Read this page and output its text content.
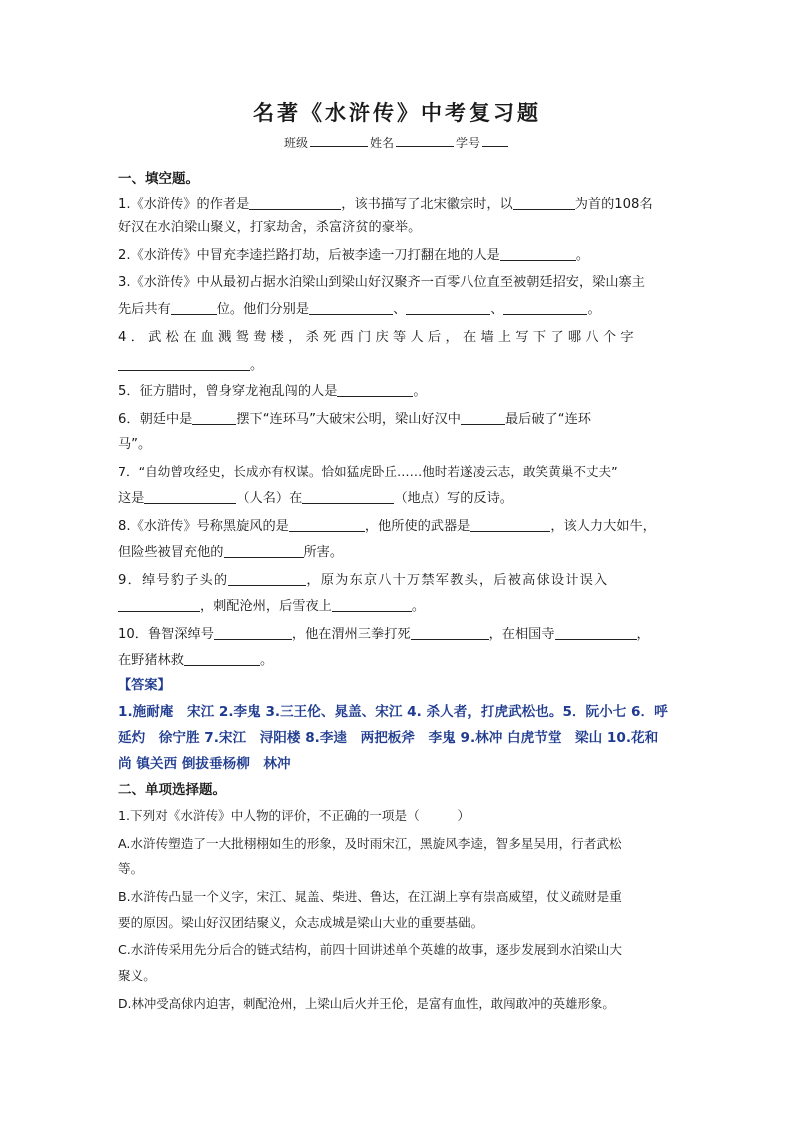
名著《水浒传》中考复习题
班级	姓名	学号
一、填空题。
1.《水浒传》的作者是	，该书描写了北宋徽宗时，以	为首的108名
好汉在水泊梁山聚义，打家劫舍，杀富济贫的豪举。
2.《水浒传》中冒充李逵拦路打劫，后被李逵一刀打翻在地的人是	。
3.《水浒传》中从最初占据水泊梁山到梁山好汉聚齐一百零八位直至被朝廷招安，梁山寨主
先后共有	位。他们分别是	、	、	。
4．武松在血溅鸳鸯楼，杀死西门庆等人后，在墙上写下了哪八个字
。
5．征方腊时，曾身穿龙袍乱闯的人是	。
6．朝廷中是	摆下“连环马”大破宋公明，梁山好汉中	最后破了“连环
马”。
7．“自幼曾攻经史，长成亦有权谋。恰如猛虎卧丘……他时若遂凌云志，敢笑黄巢不丈夫”
这是	（人名）在	（地点）写的反诗。
8.《水浒传》号称黑旋风的是	，他所使的武器是	，该人力大如牛，
但险些被冒充他的	所害。
9．绰号豹子头的	，原为东京八十万禁军教头，后被高俅设计误入
，刺配沧州，后雪夜上	。
10．鲁智深绰号	，他在渭州三拳打死	，在相国寺	，
在野猪林救	。
【答案】
1.施耐庵　宋江 2.李鬼 3.三王伦、晁盖、宋江 4. 杀人者，打虎武松也。5．阮小七 6．呼
延灼　徐宁胜 7.宋江　浔阳楼 8.李逵　两把板斧　李鬼 9.林冲 白虎节堂　梁山 10.花和
尚 镇关西 倒拔垂杨柳　林冲
二、单项选择题。
1.下列对《水浒传》中人物的评价，不正确的一项是（　　　）
A.水浒传塑造了一大批栩栩如生的形象，及时雨宋江，黑旋风李逵，智多星吴用，行者武松
等。
B.水浒传凸显一个义字，宋江、晁盖、柴进、鲁达，在江湖上享有崇高威望，仗义疏财是重
要的原因。梁山好汉团结聚义，众志成城是梁山大业的重要基础。
C.水浒传采用先分后合的链式结构，前四十回讲述单个英雄的故事，逐步发展到水泊梁山大
聚义。
D.林冲受高俅内迫害，刺配沧州，上梁山后火并王伦，是富有血性，敢闯敢冲的英雄形象。
